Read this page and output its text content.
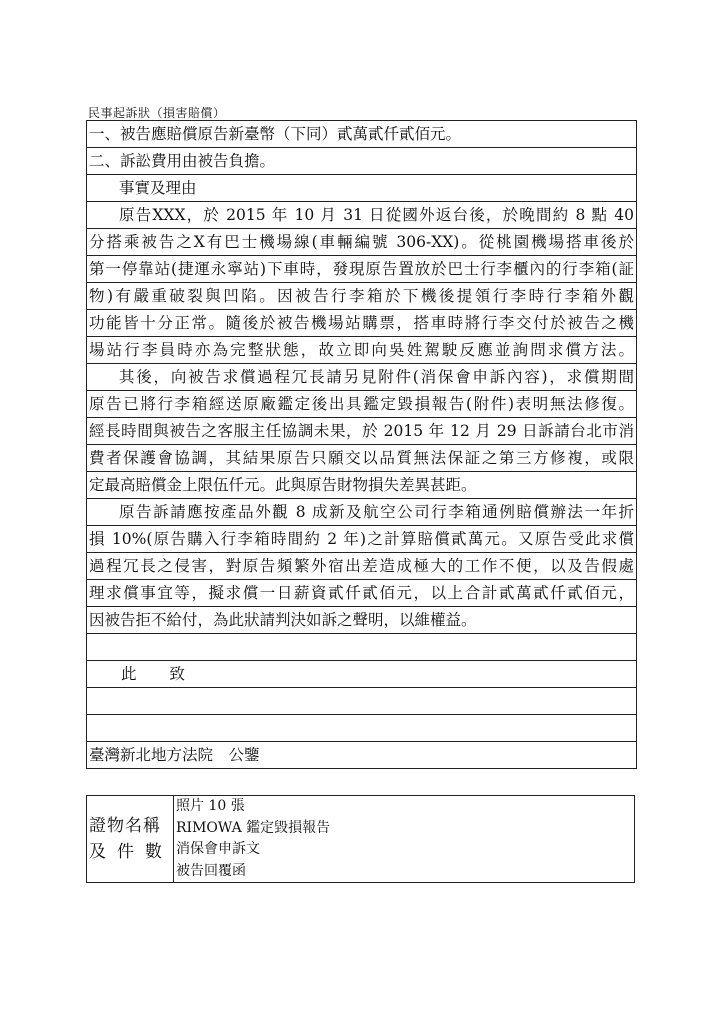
民事起訴狀（損害賠償）
一、被告應賠償原告新臺幣（下同）貳萬貳仟貳佰元。
二、訴訟費用由被告負擔。
事實及理由
原告XXX，於 2015 年 10 月 31 日從國外返台後，於晚間約 8 點 40
分搭乘被告之X有巴士機場線(車輛編號 306-XX)。從桃園機場搭車後於
第一停靠站(捷運永寧站)下車時，發現原告置放於巴士行李櫃內的行李箱(証
物)有嚴重破裂與凹陷。因被告行李箱於下機後提領行李時行李箱外觀
功能皆十分正常。隨後於被告機場站購票，搭車時將行李交付於被告之機
場站行李員時亦為完整狀態，故立即向吳姓駕駛反應並詢問求償方法。
其後，向被告求償過程冗長請另見附件(消保會申訴內容)，求償期間
原告已將行李箱經送原廠鑑定後出具鑑定毀損報告(附件)表明無法修復。
經長時間與被告之客服主任協調未果，於 2015 年 12 月 29 日訴請台北市消
費者保護會協調，其結果原告只願交以品質無法保証之第三方修複，或限
定最高賠償金上限伍仟元。此與原告財物損失差異甚距。
原告訴請應按產品外觀 8 成新及航空公司行李箱通例賠償辦法一年折
損 10%(原告購入行李箱時間約 2 年)之計算賠償貳萬元。又原告受此求償
過程冗長之侵害，對原告頻繁外宿出差造成極大的工作不便，以及告假處
理求償事宜等，擬求償一日薪資貳仟貳佰元，以上合計貳萬貳仟貳佰元，
因被告拒不給付，為此狀請判決如訴之聲明，以維權益。
此 致
臺灣新北地方法院　公鑒
證物名稱
及件數
照片 10 張
RIMOWA 鑑定毀損報告
消保會申訴文
被告回覆函
